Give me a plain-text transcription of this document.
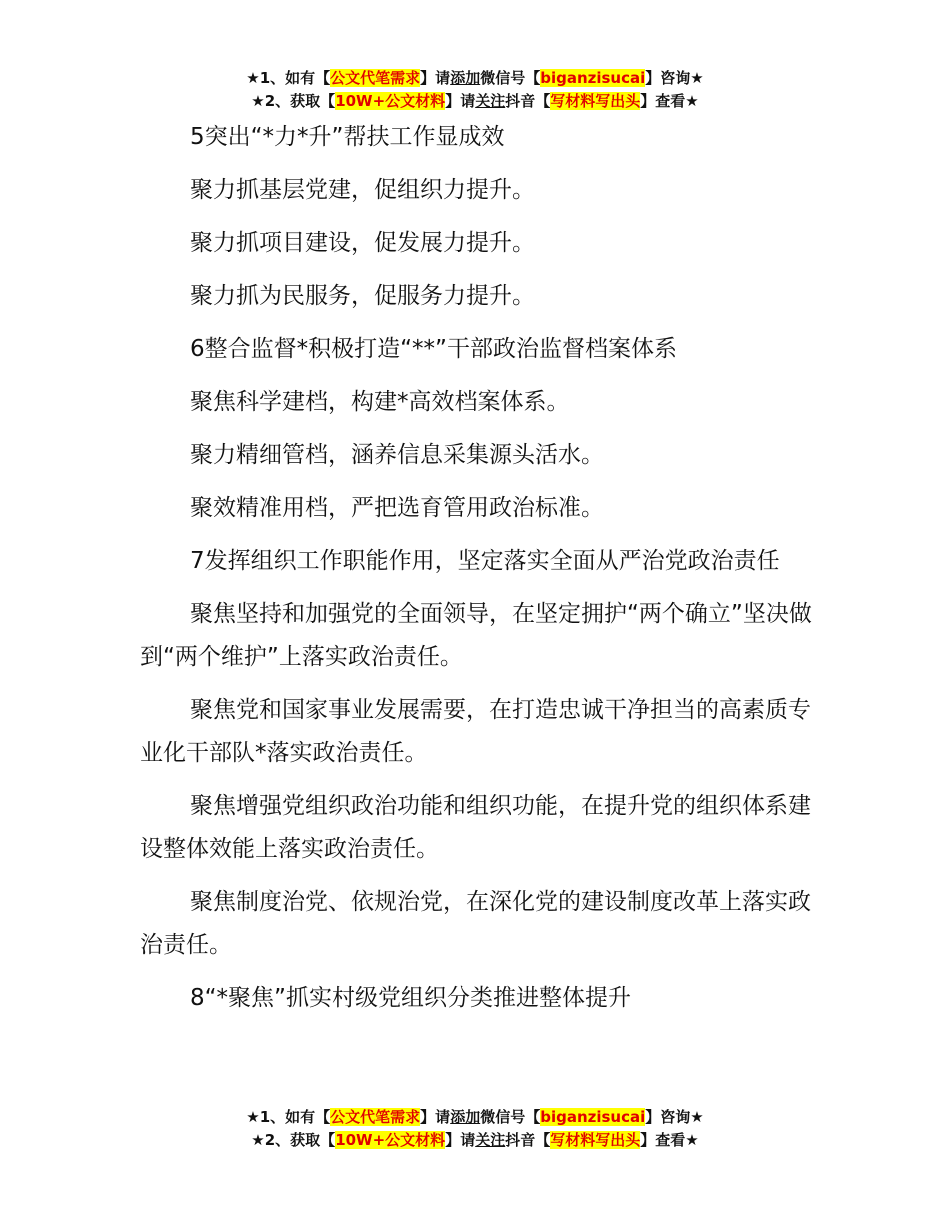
★1、如有【公文代笔需求】请添加微信号【biganzisucai】咨询★
★2、获取【10W+公文材料】请关注抖音【写材料写出头】查看★

5突出“*力*升”帮扶工作显成效

聚力抓基层党建，促组织力提升。

聚力抓项目建设，促发展力提升。

聚力抓为民服务，促服务力提升。

6整合监督*积极打造“**”干部政治监督档案体系

聚焦科学建档，构建*高效档案体系。

聚力精细管档，涵养信息采集源头活水。

聚效精准用档，严把选育管用政治标准。

7发挥组织工作职能作用，坚定落实全面从严治党政治责任

聚焦坚持和加强党的全面领导，在坚定拥护“两个确立”坚决做到“两个维护”上落实政治责任。

聚焦党和国家事业发展需要，在打造忠诚干净担当的高素质专业化干部队*落实政治责任。

聚焦增强党组织政治功能和组织功能，在提升党的组织体系建设整体效能上落实政治责任。

聚焦制度治党、依规治党，在深化党的建设制度改革上落实政治责任。

8“*聚焦”抓实村级党组织分类推进整体提升

★1、如有【公文代笔需求】请添加微信号【biganzisucai】咨询★
★2、获取【10W+公文材料】请关注抖音【写材料写出头】查看★
